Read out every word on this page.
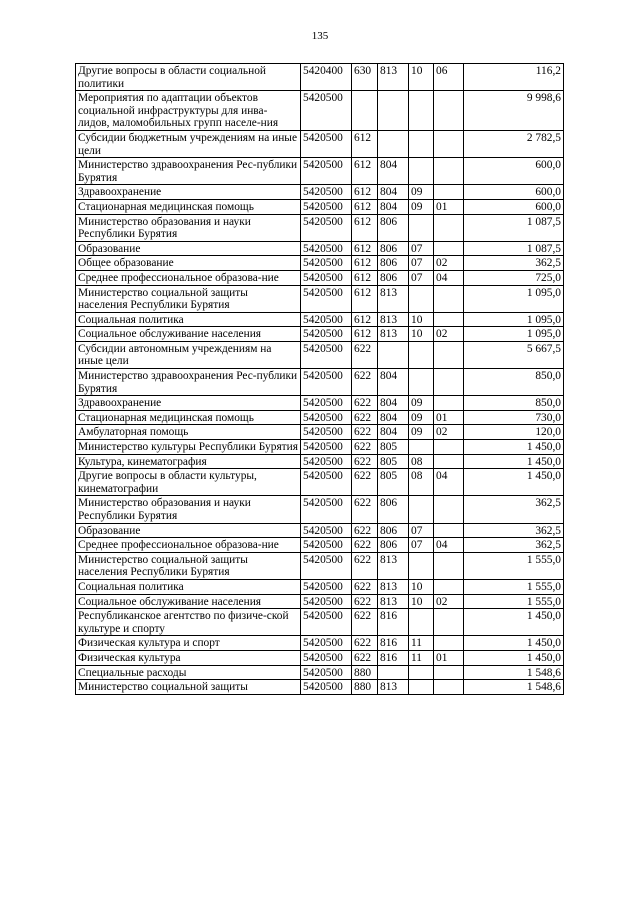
135
Другие вопросы в области социальной политики	5420400	630	813	10	06	116,2
Мероприятия по адаптации объектов социальной инфраструктуры для инва-лидов, маломобильных групп населе-ния	5420500					9 998,6
Субсидии бюджетным учреждениям на иные цели	5420500	612				2 782,5
Министерство здравоохранения Рес-публики Бурятия	5420500	612	804			600,0
Здравоохранение	5420500	612	804	09		600,0
Стационарная медицинская помощь	5420500	612	804	09	01	600,0
Министерство образования и науки Республики Бурятия	5420500	612	806			1 087,5
Образование	5420500	612	806	07		1 087,5
Общее образование	5420500	612	806	07	02	362,5
Среднее профессиональное образова-ние	5420500	612	806	07	04	725,0
Министерство социальной защиты населения Республики Бурятия	5420500	612	813			1 095,0
Социальная политика	5420500	612	813	10		1 095,0
Социальное обслуживание населения	5420500	612	813	10	02	1 095,0
Субсидии автономным учреждениям на иные цели	5420500	622				5 667,5
Министерство здравоохранения Рес-публики Бурятия	5420500	622	804			850,0
Здравоохранение	5420500	622	804	09		850,0
Стационарная медицинская помощь	5420500	622	804	09	01	730,0
Амбулаторная помощь	5420500	622	804	09	02	120,0
Министерство культуры Республики Бурятия	5420500	622	805			1 450,0
Культура, кинематография	5420500	622	805	08		1 450,0
Другие вопросы в области культуры, кинематографии	5420500	622	805	08	04	1 450,0
Министерство образования и науки Республики Бурятия	5420500	622	806			362,5
Образование	5420500	622	806	07		362,5
Среднее профессиональное образова-ние	5420500	622	806	07	04	362,5
Министерство социальной защиты населения Республики Бурятия	5420500	622	813			1 555,0
Социальная политика	5420500	622	813	10		1 555,0
Социальное обслуживание населения	5420500	622	813	10	02	1 555,0
Республиканское агентство по физиче-ской культуре и спорту	5420500	622	816			1 450,0
Физическая культура и спорт	5420500	622	816	11		1 450,0
Физическая культура	5420500	622	816	11	01	1 450,0
Специальные расходы	5420500	880				1 548,6
Министерство социальной защиты	5420500	880	813			1 548,6
